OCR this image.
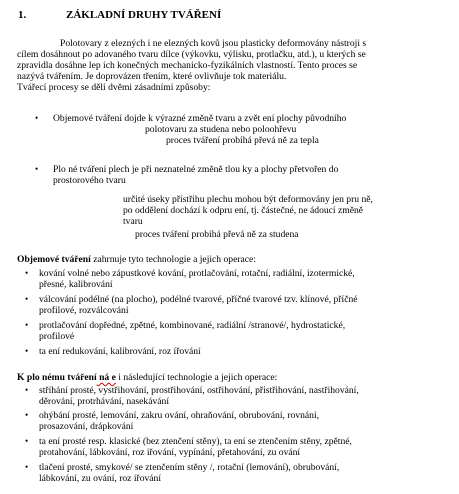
1.	ZÁKLADNÍ DRUHY TVÁŘENÍ
Polotovary z elezných i ne elezných kovů jsou plasticky deformovány nástroji s
cílem dosáhnout po adovaného tvaru dílce (výkovku, výlisku, protlačku, atd.), u kterých se
zpravidla dosáhne lep ích konečných mechanicko-fyzikálních vlastností. Tento proces se
nazývá tvářením. Je doprovázen třením, které ovlivňuje tok materiálu.
Tvářecí procesy se dělí dvěmi zásadními způsoby:
• Objemové tváření dojde k výrazné změně tvaru a zvět ení plochy původního
polotovaru za studena nebo poloohřevu
proces tváření probíhá převá ně za tepla
• Plo né tváření plech je při neznatelné změně tlou ky a plochy přetvořen do
prostorového tvaru
určité úseky přístřihu plechu mohou být deformovány jen pru ně,
po oddělení dochází k odpru ení, tj. částečné, ne ádoucí změně
tvaru
proces tváření probíhá převá ně za studena
Objemové tváření zahrnuje tyto technologie a jejich operace:
• kování volné nebo zápustkové kování, protlačování, rotační, radiální, izotermické,
přesné, kalibrování
• válcování podélné (na plocho), podélné tvarové, příčné tvarové tzv. klínové, příčné
profilové, rozválcování
• protlačování dopředné, zpětné, kombinované, radiální /stranové/, hydrostatické,
profilové
• ta ení redukování, kalibrování, roz ířování
K plo nému tváření ná e i následující technologie a jejich operace:
• stříhání prosté, vystřihování, prostřihování, ostřihování, přistřihování, nastřihování,
děrování, protrhávání, nasekávání
• ohýbání prosté, lemování, zakru ování, ohraňování, obrubování, rovnání,
prosazování, drápkování
• ta ení prosté resp. klasické (bez ztenčení stěny), ta ení se ztenčením stěny, zpětné,
protahování, lábkování, roz iřování, vypínání, přetahování, zu ování
• tlačení prosté, smykové/ se ztenčením stěny /, rotační (lemování), obrubování,
lábkování, zu ování, roz iřování
